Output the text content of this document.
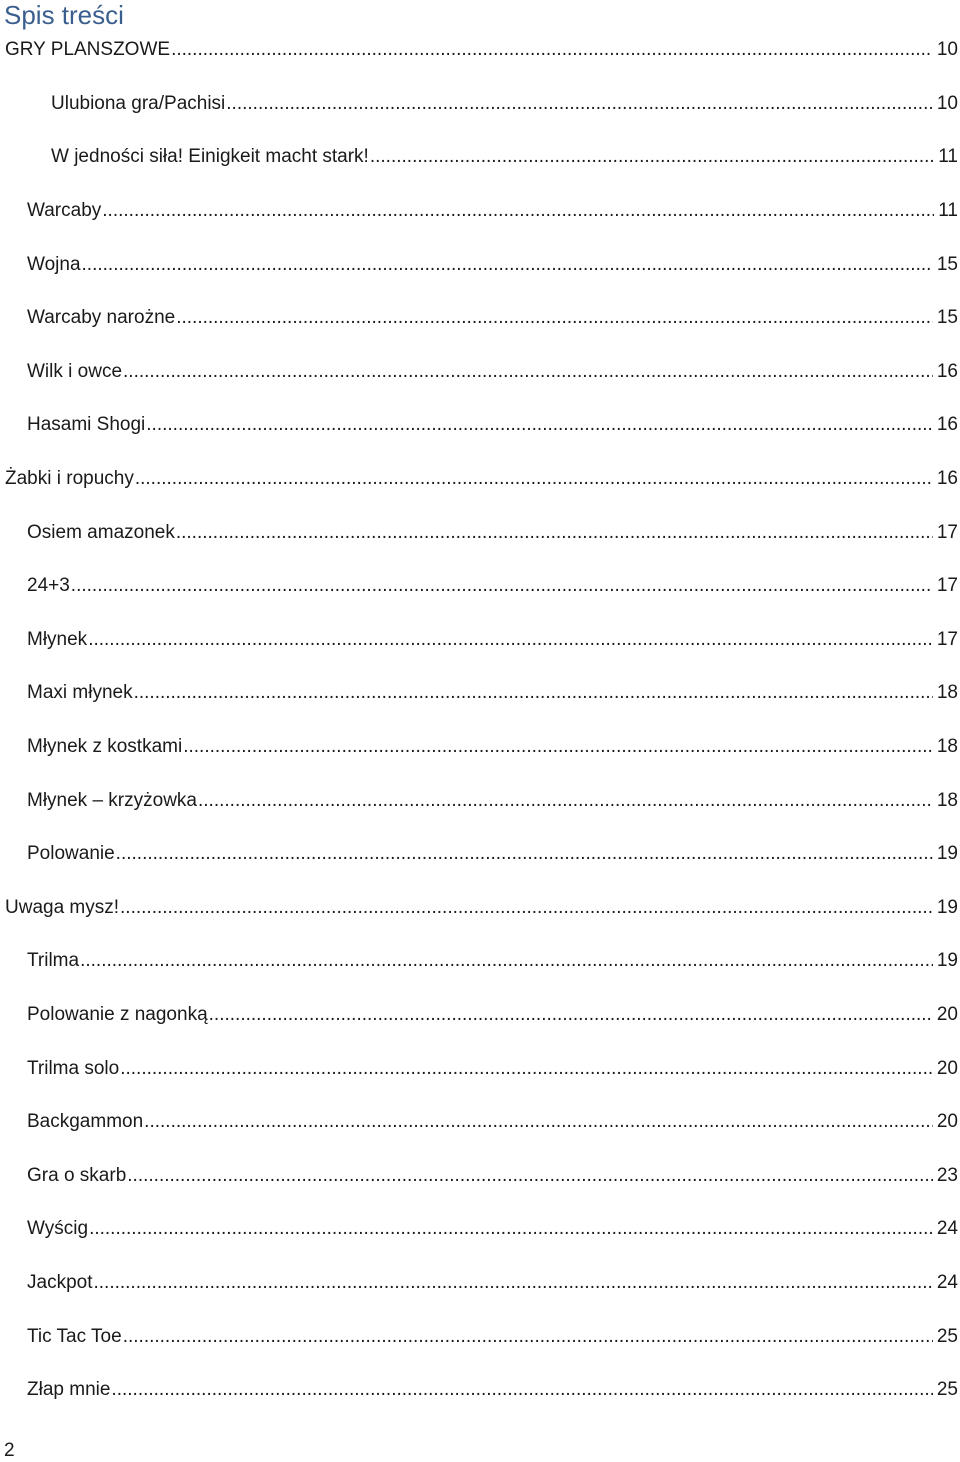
Spis treści
GRY PLANSZOWE .....	10
Ulubiona gra/Pachisi .....	10
W jedności siła! Einigkeit macht stark! .....	11
Warcaby .....	11
Wojna .....	15
Warcaby narożne .....	15
Wilk i owce .....	16
Hasami Shogi .....	16
Żabki i ropuchy .....	16
Osiem amazonek .....	17
24+3 .....	17
Młynek .....	17
Maxi młynek .....	18
Młynek z kostkami .....	18
Młynek – krzyżowka .....	18
Polowanie .....	19
Uwaga mysz! .....	19
Trilma .....	19
Polowanie z nagonką .....	20
Trilma solo .....	20
Backgammon .....	20
Gra o skarb .....	23
Wyścig .....	24
Jackpot .....	24
Tic Tac Toe .....	25
Złap mnie .....	25
2
